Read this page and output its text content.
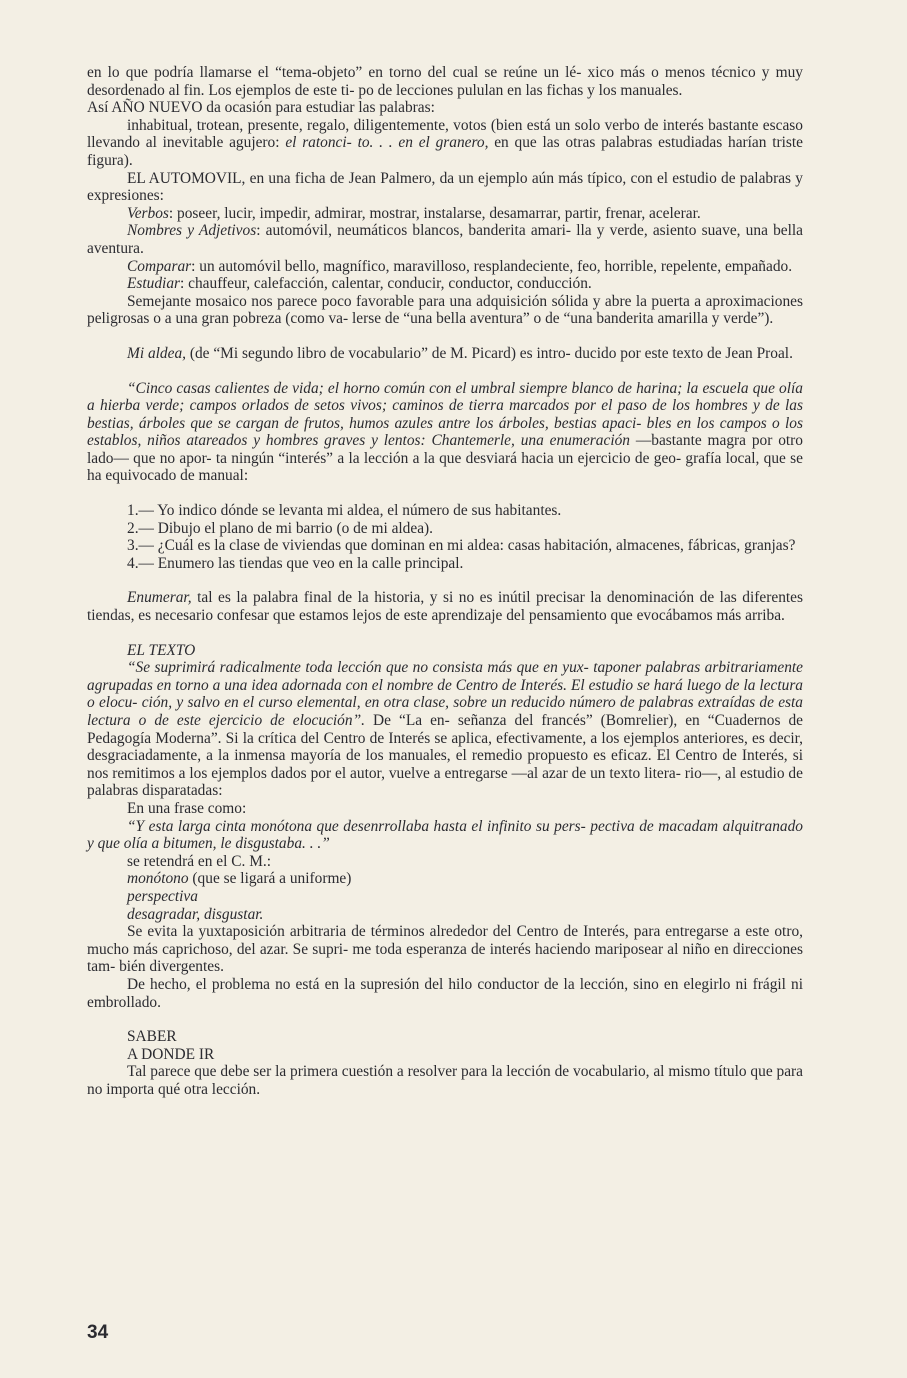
en lo que podría llamarse el “tema-objeto” en torno del cual se reúne un lé- xico más o menos técnico y muy desordenado al fin. Los ejemplos de este ti- po de lecciones pululan en las fichas y los manuales.

Así AÑO NUEVO da ocasión para estudiar las palabras:

inhabitual, trotean, presente, regalo, diligentemente, votos (bien está un solo verbo de interés bastante escaso llevando al inevitable agujero: el ratonci- to. . . en el granero, en que las otras palabras estudiadas harían triste figura).

EL AUTOMOVIL, en una ficha de Jean Palmero, da un ejemplo aún más típico, con el estudio de palabras y expresiones:

Verbos: poseer, lucir, impedir, admirar, mostrar, instalarse, desamarrar, partir, frenar, acelerar.

Nombres y Adjetivos: automóvil, neumáticos blancos, banderita amari- lla y verde, asiento suave, una bella aventura.

Comparar: un automóvil bello, magnífico, maravilloso, resplandeciente, feo, horrible, repelente, empañado.

Estudiar: chauffeur, calefacción, calentar, conducir, conductor, conducción.

Semejante mosaico nos parece poco favorable para una adquisición sólida y abre la puerta a aproximaciones peligrosas o a una gran pobreza (como va- lerse de “una bella aventura” o de “una banderita amarilla y verde”).

Mi aldea, (de “Mi segundo libro de vocabulario” de M. Picard) es intro- ducido por este texto de Jean Proal.

“Cinco casas calientes de vida; el horno común con el umbral siempre blanco de harina; la escuela que olía a hierba verde; campos orlados de setos vivos; caminos de tierra marcados por el paso de los hombres y de las bestias, árboles que se cargan de frutos, humos azules antre los árboles, bestias apaci- bles en los campos o los establos, niños atareados y hombres graves y lentos: Chantemerle, una enumeración —bastante magra por otro lado— que no apor- ta ningún “interés” a la lección a la que desviará hacia un ejercicio de geo- grafía local, que se ha equivocado de manual:

1.— Yo indico dónde se levanta mi aldea, el número de sus habitantes.

2.— Dibujo el plano de mi barrio (o de mi aldea).

3.— ¿Cuál es la clase de viviendas que dominan en mi aldea: casas habitación, almacenes, fábricas, granjas?

4.— Enumero las tiendas que veo en la calle principal.

Enumerar, tal es la palabra final de la historia, y si no es inútil precisar la denominación de las diferentes tiendas, es necesario confesar que estamos lejos de este aprendizaje del pensamiento que evocábamos más arriba.

EL TEXTO

“Se suprimirá radicalmente toda lección que no consista más que en yux- taponer palabras arbitrariamente agrupadas en torno a una idea adornada con el nombre de Centro de Interés. El estudio se hará luego de la lectura o elocu- ción, y salvo en el curso elemental, en otra clase, sobre un reducido número de palabras extraídas de esta lectura o de este ejercicio de elocución”. De “La en- señanza del francés” (Bomrelier), en “Cuadernos de Pedagogía Moderna”. Si la crítica del Centro de Interés se aplica, efectivamente, a los ejemplos anteriores, es decir, desgraciadamente, a la inmensa mayoría de los manuales, el remedio propuesto es eficaz. El Centro de Interés, si nos remitimos a los ejemplos dados por el autor, vuelve a entregarse —al azar de un texto litera- rio—, al estudio de palabras disparatadas:

En una frase como:

“Y esta larga cinta monótona que desenrrollaba hasta el infinito su pers- pectiva de macadam alquitranado y que olía a bitumen, le disgustaba. . .”

se retendrá en el C. M.:

monótono (que se ligará a uniforme)

perspectiva

desagradar, disgustar.

Se evita la yuxtaposición arbitraria de términos alrededor del Centro de Interés, para entregarse a este otro, mucho más caprichoso, del azar. Se supri- me toda esperanza de interés haciendo mariposear al niño en direcciones tam- bién divergentes.

De hecho, el problema no está en la supresión del hilo conductor de la lección, sino en elegirlo ni frágil ni embrollado.

SABER

A DONDE IR

Tal parece que debe ser la primera cuestión a resolver para la lección de vocabulario, al mismo título que para no importa qué otra lección.

34
